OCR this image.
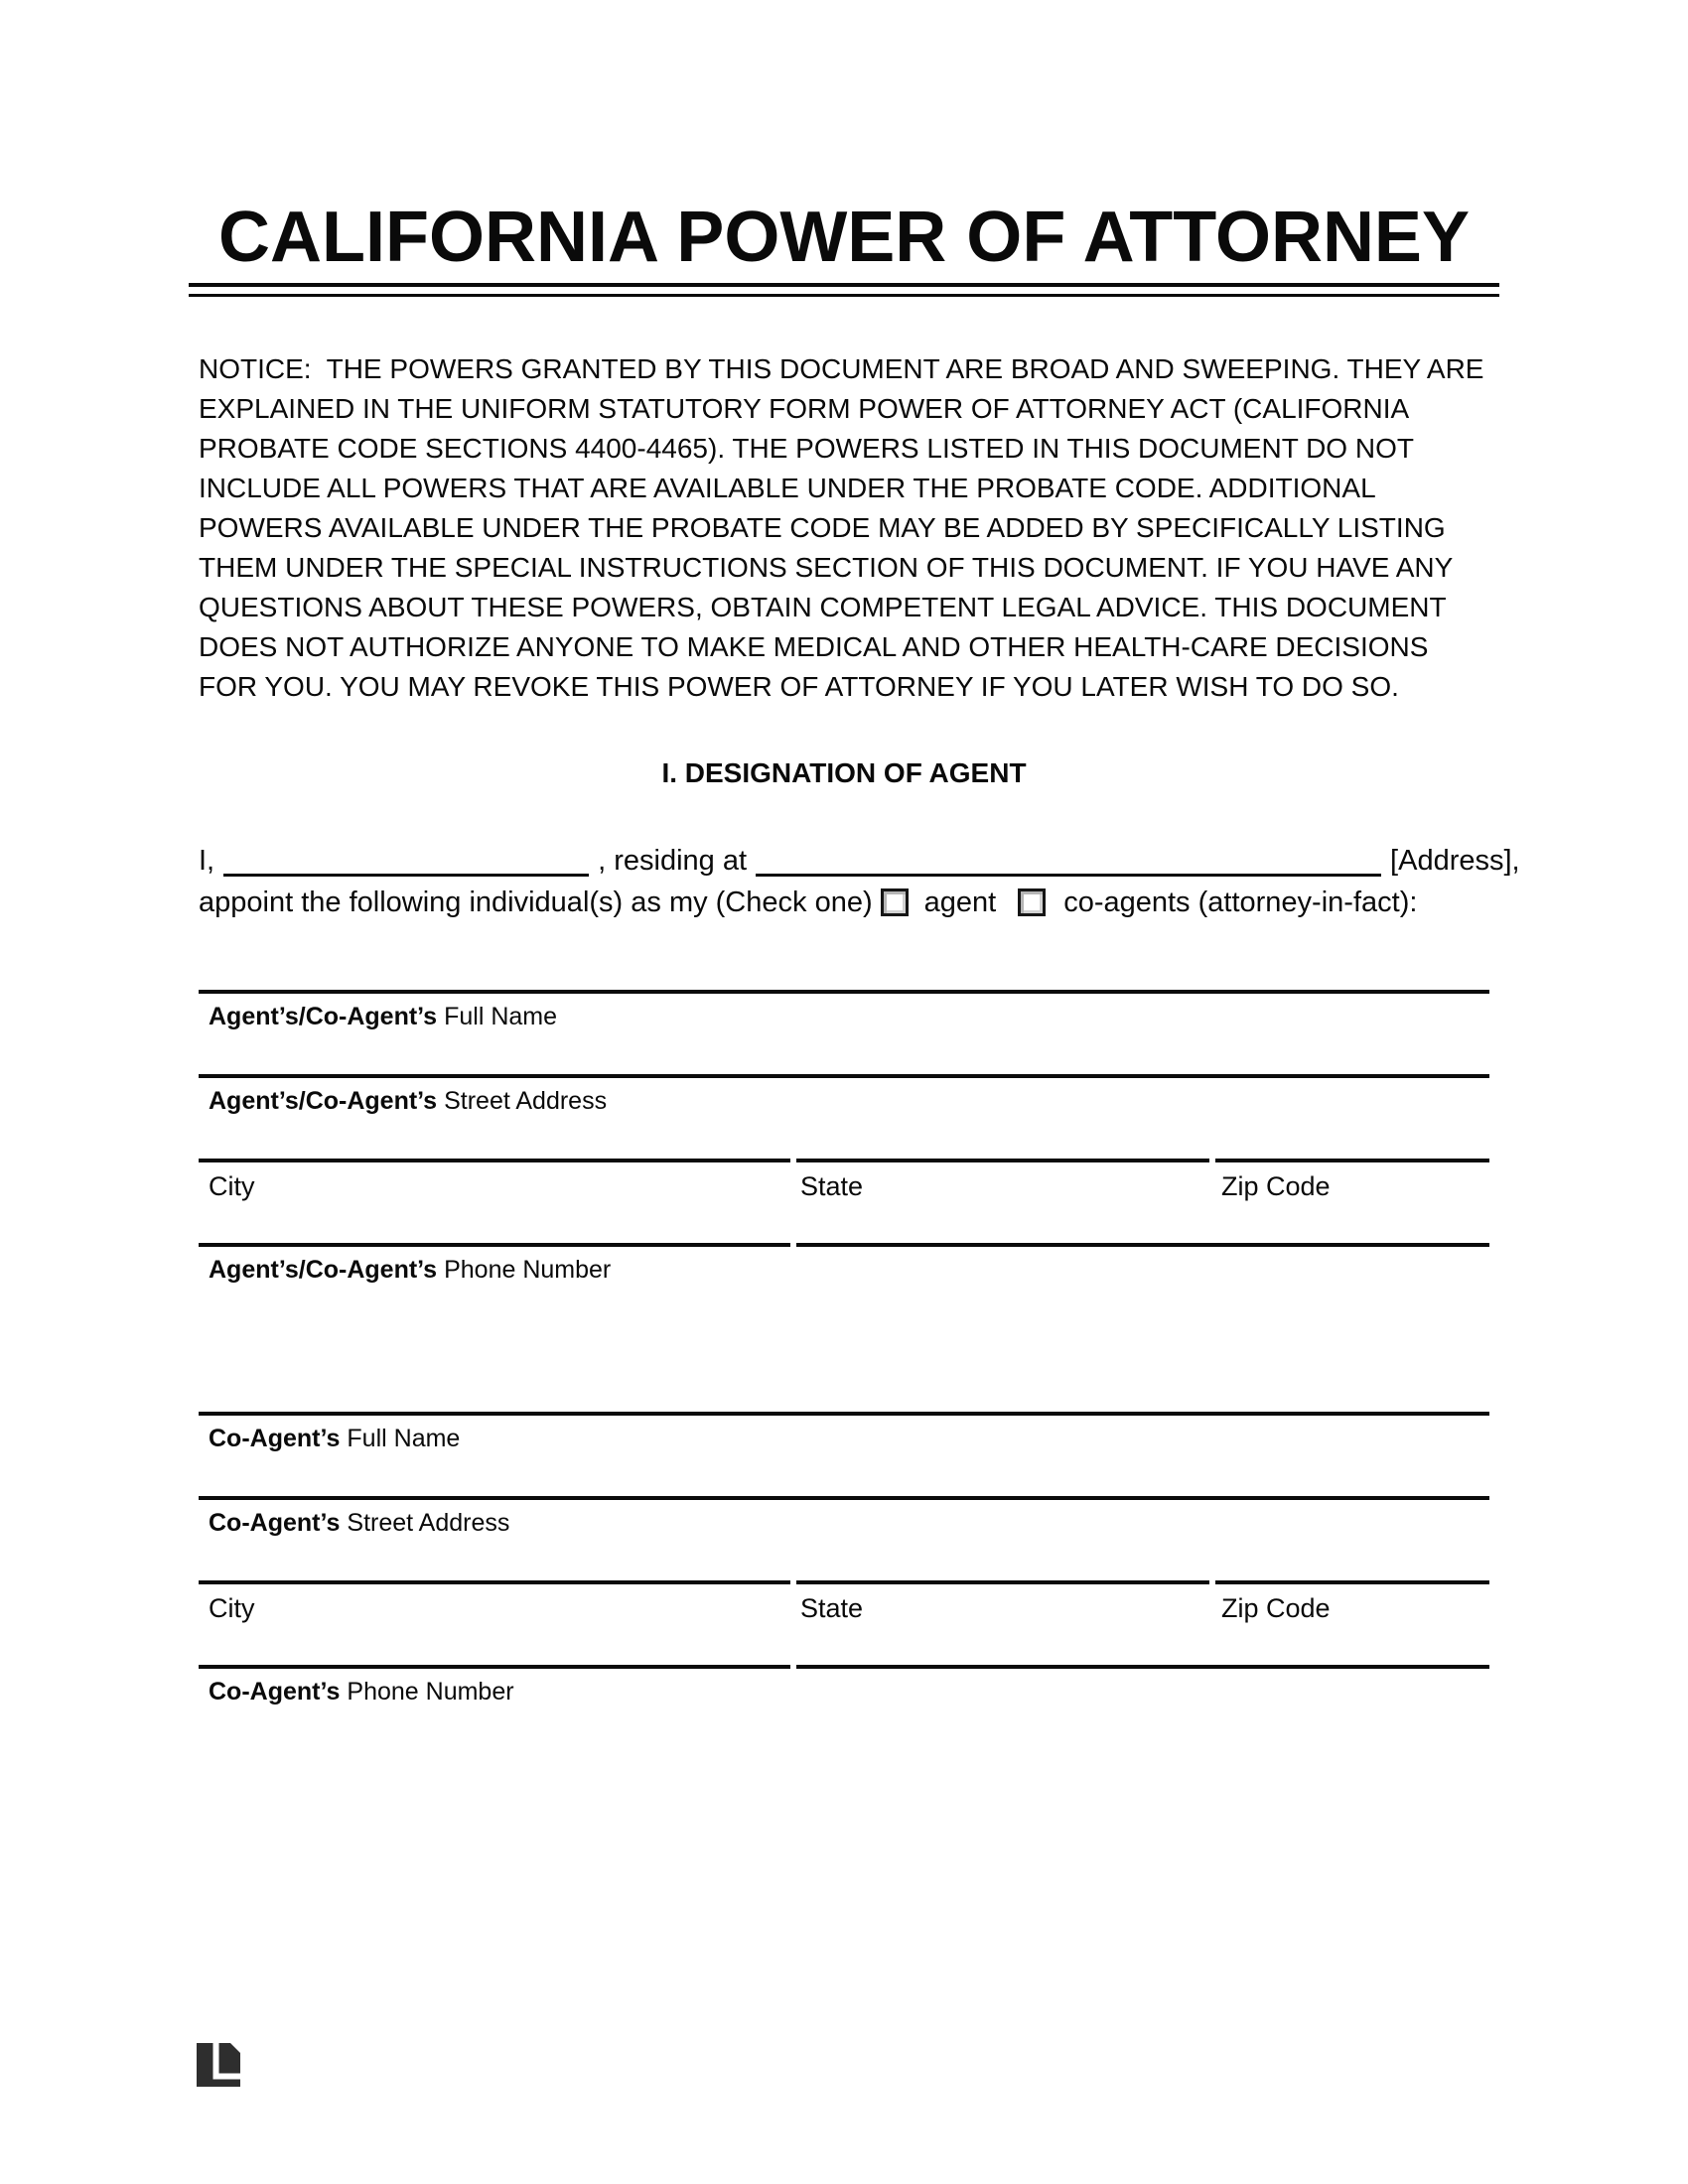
CALIFORNIA POWER OF ATTORNEY
NOTICE:  THE POWERS GRANTED BY THIS DOCUMENT ARE BROAD AND SWEEPING. THEY ARE
EXPLAINED IN THE UNIFORM STATUTORY FORM POWER OF ATTORNEY ACT (CALIFORNIA
PROBATE CODE SECTIONS 4400-4465). THE POWERS LISTED IN THIS DOCUMENT DO NOT
INCLUDE ALL POWERS THAT ARE AVAILABLE UNDER THE PROBATE CODE. ADDITIONAL
POWERS AVAILABLE UNDER THE PROBATE CODE MAY BE ADDED BY SPECIFICALLY LISTING
THEM UNDER THE SPECIAL INSTRUCTIONS SECTION OF THIS DOCUMENT. IF YOU HAVE ANY
QUESTIONS ABOUT THESE POWERS, OBTAIN COMPETENT LEGAL ADVICE. THIS DOCUMENT
DOES NOT AUTHORIZE ANYONE TO MAKE MEDICAL AND OTHER HEALTH-CARE DECISIONS
FOR YOU. YOU MAY REVOKE THIS POWER OF ATTORNEY IF YOU LATER WISH TO DO SO.
I. DESIGNATION OF AGENT
I,	, residing at	[Address],
appoint the following individual(s) as my (Check one) agent co-agents (attorney-in-fact):
Agent’s/Co-Agent’s Full Name
Agent’s/Co-Agent’s Street Address
City	State	Zip Code
Agent’s/Co-Agent’s Phone Number
Co-Agent’s Full Name
Co-Agent’s Street Address
City	State	Zip Code
Co-Agent’s Phone Number
